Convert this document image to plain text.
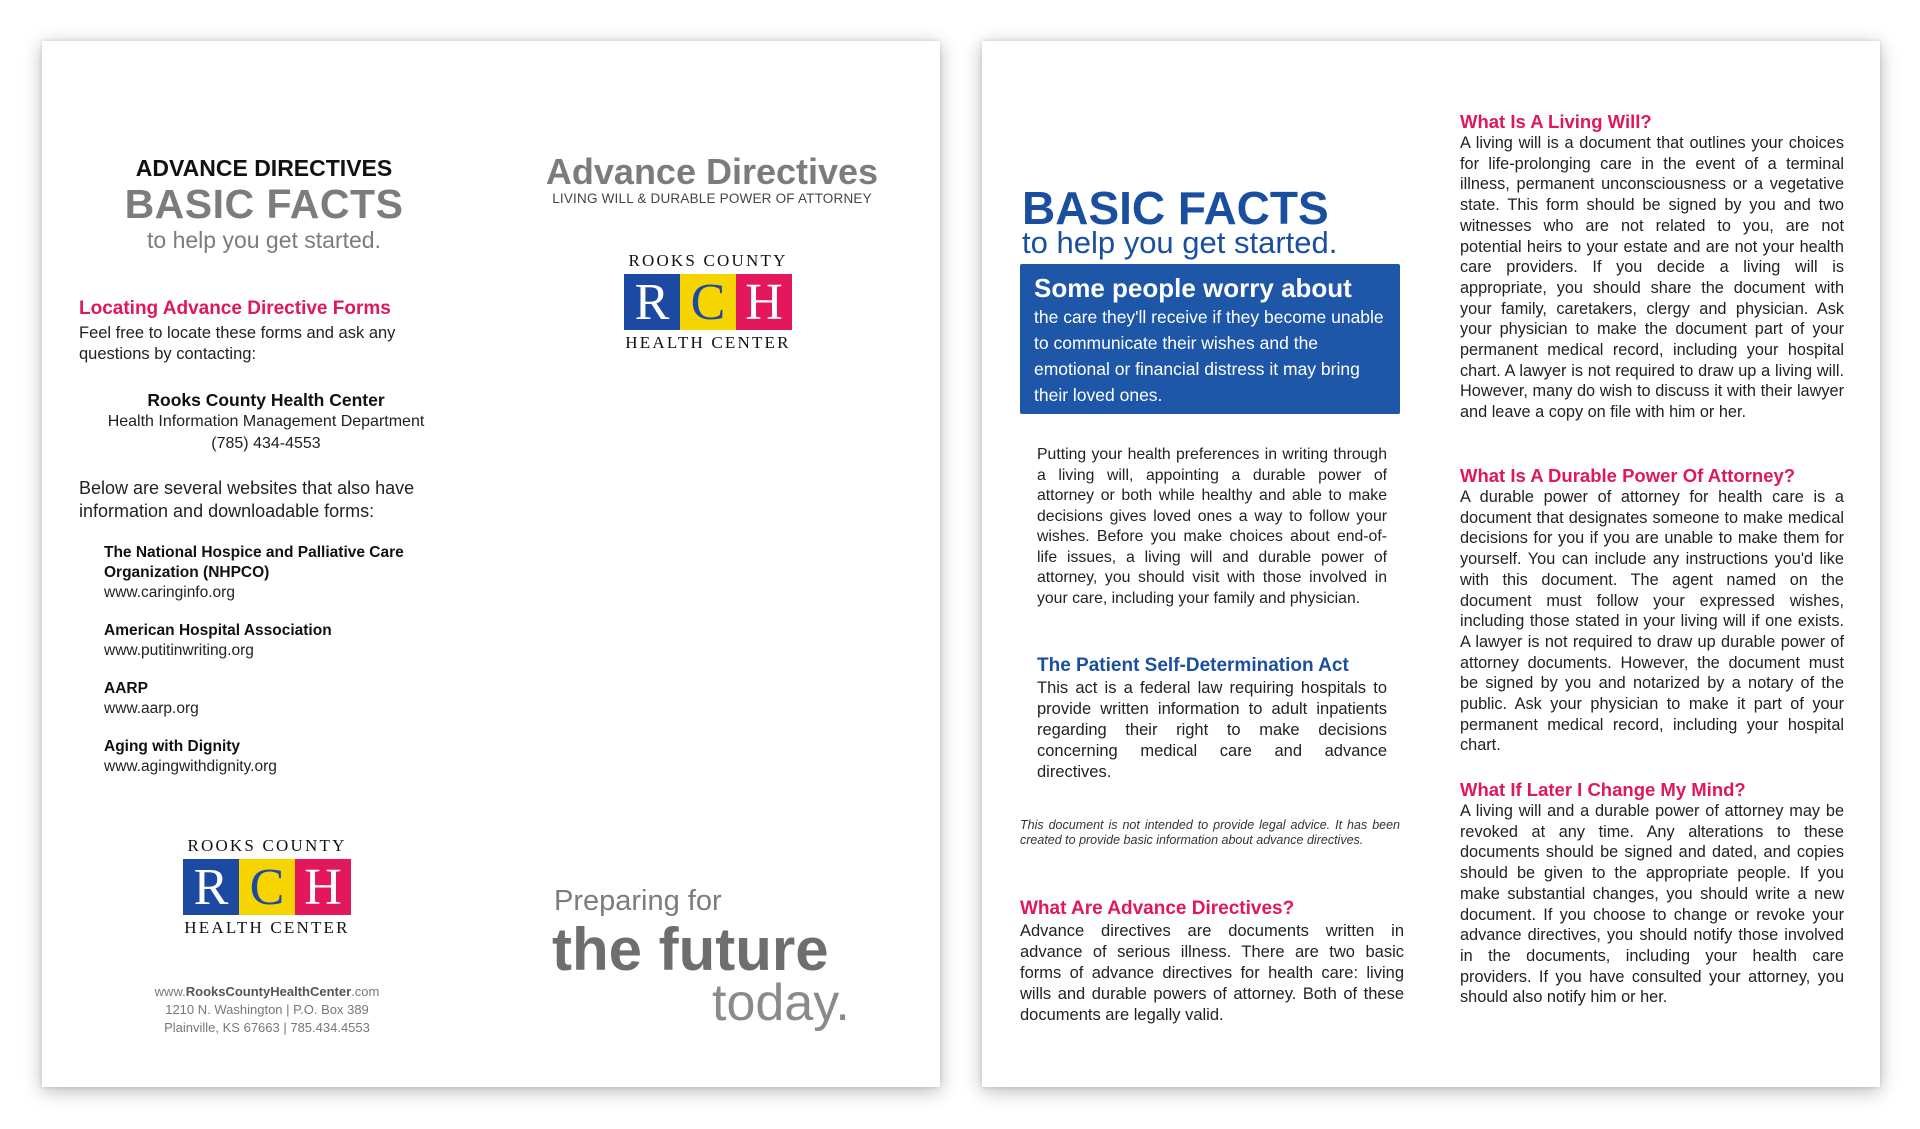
ADVANCE DIRECTIVES
BASIC FACTS
to help you get started.
Locating Advance Directive Forms
Feel free to locate these forms and ask any questions by contacting:
Rooks County Health Center
Health Information Management Department
(785) 434-4553
Below are several websites that also have information and downloadable forms:
The National Hospice and Palliative Care Organization (NHPCO)
www.caringinfo.org
American Hospital Association
www.putitinwriting.org
AARP
www.aarp.org
Aging with Dignity
www.agingwithdignity.org
ROOKS COUNTY
R C H
HEALTH CENTER
www.RooksCountyHealthCenter.com
1210 N. Washington | P.O. Box 389
Plainville, KS 67663 | 785.434.4553
Advance Directives
LIVING WILL & DURABLE POWER OF ATTORNEY
ROOKS COUNTY
R C H
HEALTH CENTER
Preparing for
the future
today.
BASIC FACTS
to help you get started.
Some people worry about
the care they'll receive if they become unable to communicate their wishes and the emotional or financial distress it may bring their loved ones.
Putting your health preferences in writing through a living will, appointing a durable power of attorney or both while healthy and able to make decisions gives loved ones a way to follow your wishes. Before you make choices about end-of-life issues, a living will and durable power of attorney, you should visit with those involved in your care, including your family and physician.
The Patient Self-Determination Act
This act is a federal law requiring hospitals to provide written information to adult inpatients regarding their right to make decisions concerning medical care and advance directives.
This document is not intended to provide legal advice. It has been created to provide basic information about advance directives.
What Are Advance Directives?
Advance directives are documents written in advance of serious illness. There are two basic forms of advance directives for health care: living wills and durable powers of attorney. Both of these documents are legally valid.
What Is A Living Will?
A living will is a document that outlines your choices for life-prolonging care in the event of a terminal illness, permanent unconsciousness or a vegetative state. This form should be signed by you and two witnesses who are not related to you, are not potential heirs to your estate and are not your health care providers. If you decide a living will is appropriate, you should share the document with your family, caretakers, clergy and physician. Ask your physician to make the document part of your permanent medical record, including your hospital chart. A lawyer is not required to draw up a living will. However, many do wish to discuss it with their lawyer and leave a copy on file with him or her.
What Is A Durable Power Of Attorney?
A durable power of attorney for health care is a document that designates someone to make medical decisions for you if you are unable to make them for yourself. You can include any instructions you'd like with this document. The agent named on the document must follow your expressed wishes, including those stated in your living will if one exists. A lawyer is not required to draw up durable power of attorney documents. However, the document must be signed by you and notarized by a notary of the public. Ask your physician to make it part of your permanent medical record, including your hospital chart.
What If Later I Change My Mind?
A living will and a durable power of attorney may be revoked at any time. Any alterations to these documents should be signed and dated, and copies should be given to the appropriate people. If you make substantial changes, you should write a new document. If you choose to change or revoke your advance directives, you should notify those involved in the documents, including your health care providers. If you have consulted your attorney, you should also notify him or her.
